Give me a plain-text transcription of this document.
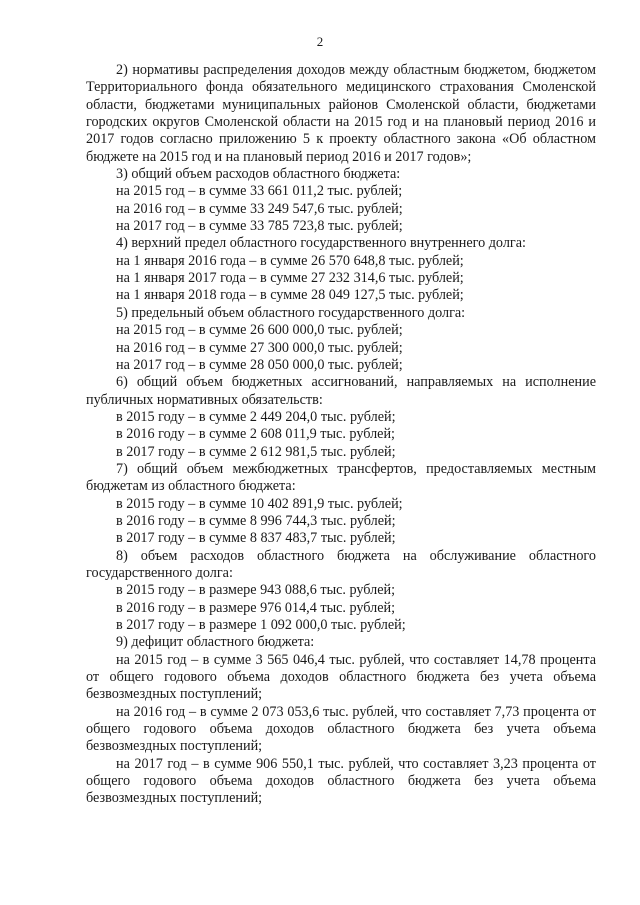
2

2) нормативы распределения доходов между областным бюджетом, бюджетом Территориального фонда обязательного медицинского страхования Смоленской области, бюджетами муниципальных районов Смоленской области, бюджетами городских округов Смоленской области на 2015 год и на плановый период 2016 и 2017 годов согласно приложению 5 к проекту областного закона «Об областном бюджете на 2015 год и на плановый период 2016 и 2017 годов»;

3) общий объем расходов областного бюджета:

на 2015 год – в сумме 33 661 011,2 тыс. рублей;

на 2016 год – в сумме 33 249 547,6 тыс. рублей;

на 2017 год – в сумме 33 785 723,8 тыс. рублей;

4) верхний предел областного государственного внутреннего долга:

на 1 января 2016 года – в сумме 26 570 648,8 тыс. рублей;

на 1 января 2017 года – в сумме 27 232 314,6 тыс. рублей;

на 1 января 2018 года – в сумме 28 049 127,5 тыс. рублей;

5) предельный объем областного государственного долга:

на 2015 год – в сумме 26 600 000,0 тыс. рублей;

на 2016 год – в сумме 27 300 000,0 тыс. рублей;

на 2017 год – в сумме 28 050 000,0 тыс. рублей;

6) общий объем бюджетных ассигнований, направляемых на исполнение публичных нормативных обязательств:

в 2015 году – в сумме 2 449 204,0 тыс. рублей;

в 2016 году – в сумме 2 608 011,9 тыс. рублей;

в 2017 году – в сумме 2 612 981,5 тыс. рублей;

7) общий объем межбюджетных трансфертов, предоставляемых местным бюджетам из областного бюджета:

в 2015 году – в сумме 10 402 891,9 тыс. рублей;

в 2016 году – в сумме 8 996 744,3 тыс. рублей;

в 2017 году – в сумме 8 837 483,7 тыс. рублей;

8) объем расходов областного бюджета на обслуживание областного государственного долга:

в 2015 году – в размере 943 088,6 тыс. рублей;

в 2016 году – в размере 976 014,4 тыс. рублей;

в 2017 году – в размере 1 092 000,0 тыс. рублей;

9) дефицит областного бюджета:

на 2015 год – в сумме 3 565 046,4 тыс. рублей, что составляет 14,78 процента от общего годового объема доходов областного бюджета без учета объема безвозмездных поступлений;

на 2016 год – в сумме 2 073 053,6 тыс. рублей, что составляет 7,73 процента от общего годового объема доходов областного бюджета без учета объема безвозмездных поступлений;

на 2017 год – в сумме 906 550,1 тыс. рублей, что составляет 3,23 процента от общего годового объема доходов областного бюджета без учета объема безвозмездных поступлений;
